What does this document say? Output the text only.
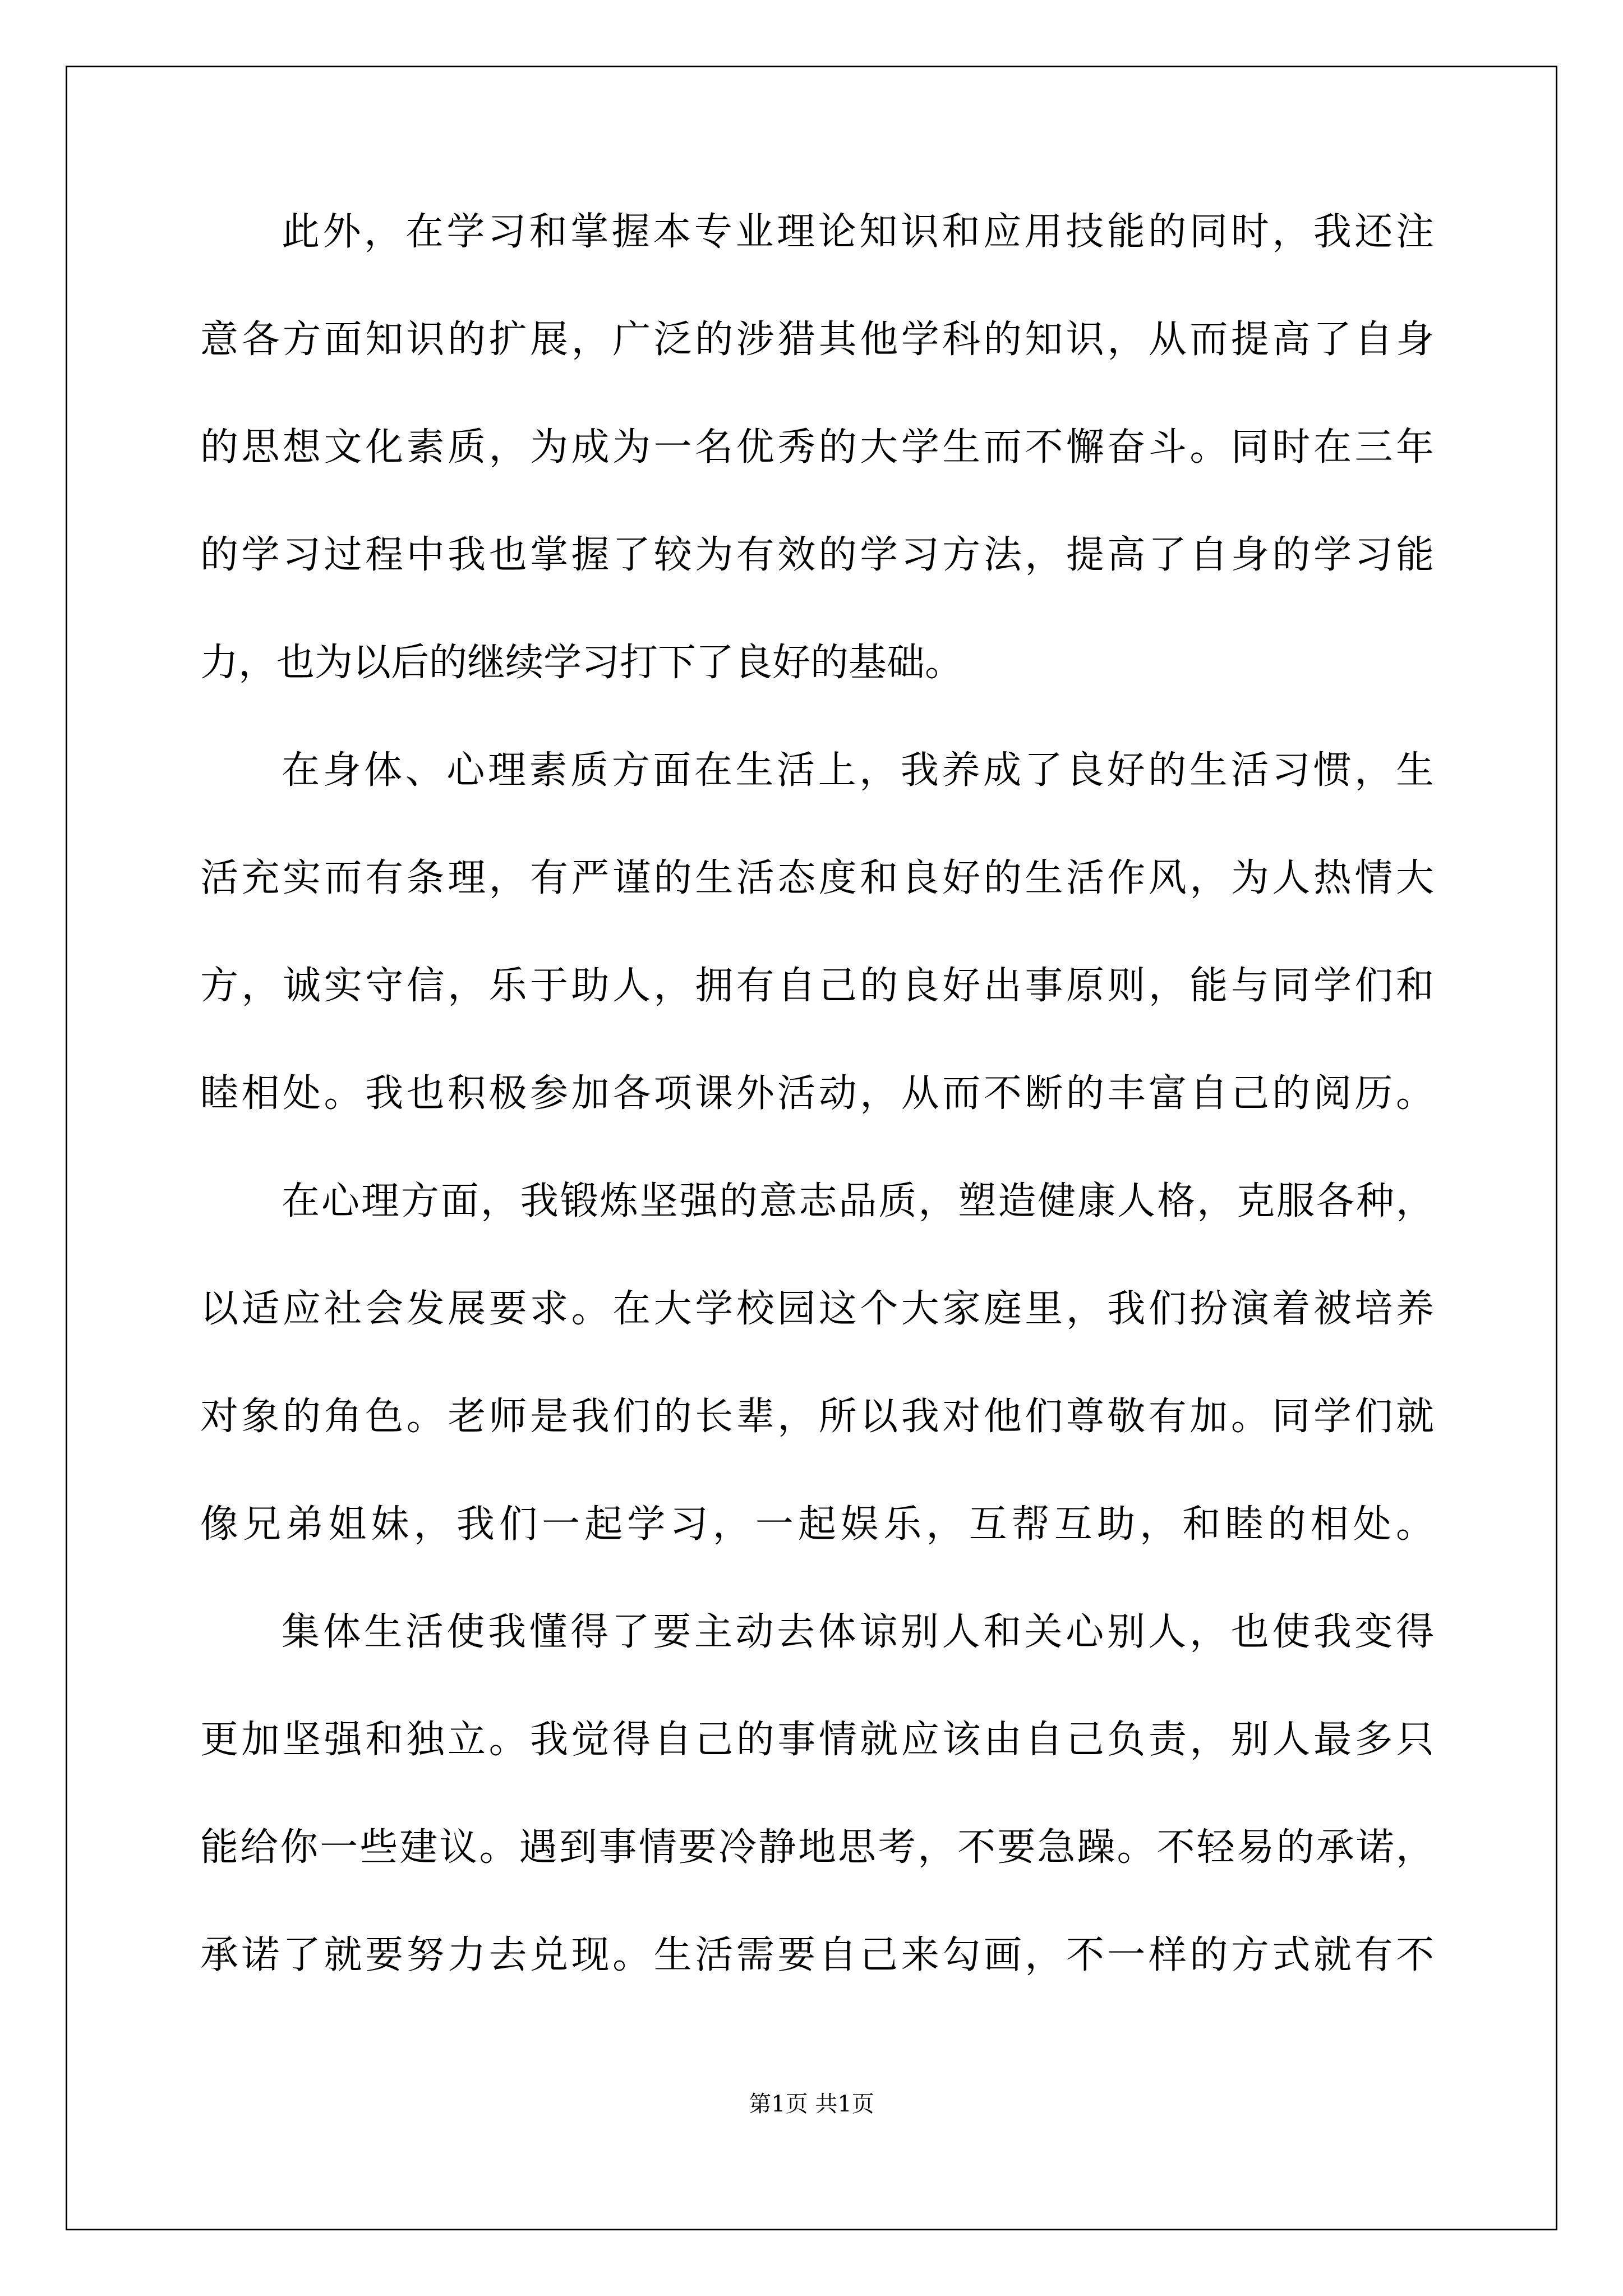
此外，在学习和掌握本专业理论知识和应用技能的同时，我还注
意各方面知识的扩展，广泛的涉猎其他学科的知识，从而提高了自身
的思想文化素质，为成为一名优秀的大学生而不懈奋斗。同时在三年
的学习过程中我也掌握了较为有效的学习方法，提高了自身的学习能
力，也为以后的继续学习打下了良好的基础。
在身体、心理素质方面在生活上，我养成了良好的生活习惯，生
活充实而有条理，有严谨的生活态度和良好的生活作风，为人热情大
方，诚实守信，乐于助人，拥有自己的良好出事原则，能与同学们和
睦相处。我也积极参加各项课外活动，从而不断的丰富自己的阅历。
在心理方面，我锻炼坚强的意志品质，塑造健康人格，克服各种，
以适应社会发展要求。在大学校园这个大家庭里，我们扮演着被培养
对象的角色。老师是我们的长辈，所以我对他们尊敬有加。同学们就
像兄弟姐妹，我们一起学习，一起娱乐，互帮互助，和睦的相处。
集体生活使我懂得了要主动去体谅别人和关心别人，也使我变得
更加坚强和独立。我觉得自己的事情就应该由自己负责，别人最多只
能给你一些建议。遇到事情要冷静地思考，不要急躁。不轻易的承诺，
承诺了就要努力去兑现。生活需要自己来勾画，不一样的方式就有不
第1页 共1页
